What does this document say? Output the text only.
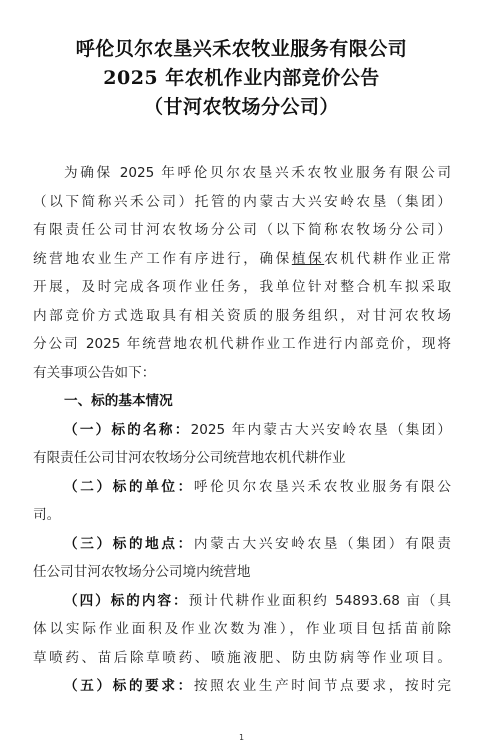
呼伦贝尔农垦兴禾农牧业服务有限公司
2025 年农机作业内部竞价公告
（甘河农牧场分公司）
为确保 2025 年呼伦贝尔农垦兴禾农牧业服务有限公司
（以下简称兴禾公司）托管的内蒙古大兴安岭农垦（集团）
有限责任公司甘河农牧场分公司（以下简称农牧场分公司）
统营地农业生产工作有序进行，确保植保农机代耕作业正常
开展，及时完成各项作业任务，我单位针对整合机车拟采取
内部竞价方式选取具有相关资质的服务组织，对甘河农牧场
分公司 2025 年统营地农机代耕作业工作进行内部竞价，现将
有关事项公告如下：
一、标的基本情况
（一）标的名称：2025 年内蒙古大兴安岭农垦（集团）
有限责任公司甘河农牧场分公司统营地农机代耕作业
（二）标的单位：呼伦贝尔农垦兴禾农牧业服务有限公
司。
（三）标的地点：内蒙古大兴安岭农垦（集团）有限责
任公司甘河农牧场分公司境内统营地
（四）标的内容：预计代耕作业面积约 54893.68 亩（具
体以实际作业面积及作业次数为准），作业项目包括苗前除
草喷药、苗后除草喷药、喷施液肥、防虫防病等作业项目。
（五）标的要求：按照农业生产时间节点要求，按时完
1
